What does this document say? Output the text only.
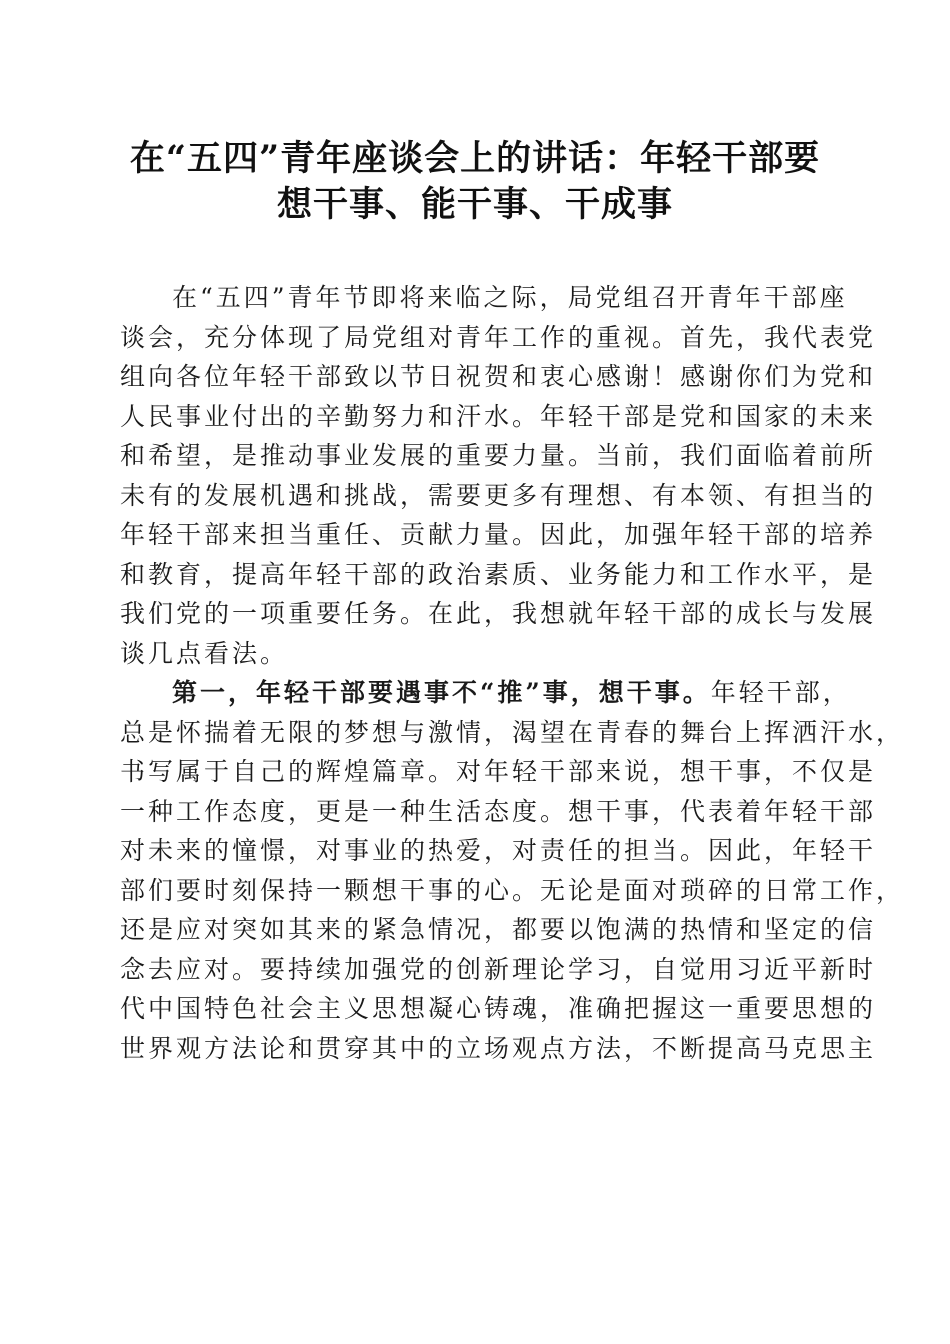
在“五四”青年座谈会上的讲话：年轻干部要
想干事、能干事、干成事

在“五四”青年节即将来临之际，局党组召开青年干部座
谈会，充分体现了局党组对青年工作的重视。首先，我代表党
组向各位年轻干部致以节日祝贺和衷心感谢！感谢你们为党和
人民事业付出的辛勤努力和汗水。年轻干部是党和国家的未来
和希望，是推动事业发展的重要力量。当前，我们面临着前所
未有的发展机遇和挑战，需要更多有理想、有本领、有担当的
年轻干部来担当重任、贡献力量。因此，加强年轻干部的培养
和教育，提高年轻干部的政治素质、业务能力和工作水平，是
我们党的一项重要任务。在此，我想就年轻干部的成长与发展
谈几点看法。

第一，年轻干部要遇事不“推”事，想干事。年轻干部，
总是怀揣着无限的梦想与激情，渴望在青春的舞台上挥洒汗水，
书写属于自己的辉煌篇章。对年轻干部来说，想干事，不仅是
一种工作态度，更是一种生活态度。想干事，代表着年轻干部
对未来的憧憬，对事业的热爱，对责任的担当。因此，年轻干
部们要时刻保持一颗想干事的心。无论是面对琐碎的日常工作，
还是应对突如其来的紧急情况，都要以饱满的热情和坚定的信
念去应对。要持续加强党的创新理论学习，自觉用习近平新时
代中国特色社会主义思想凝心铸魂，准确把握这一重要思想的
世界观方法论和贯穿其中的立场观点方法，不断提高马克思主
